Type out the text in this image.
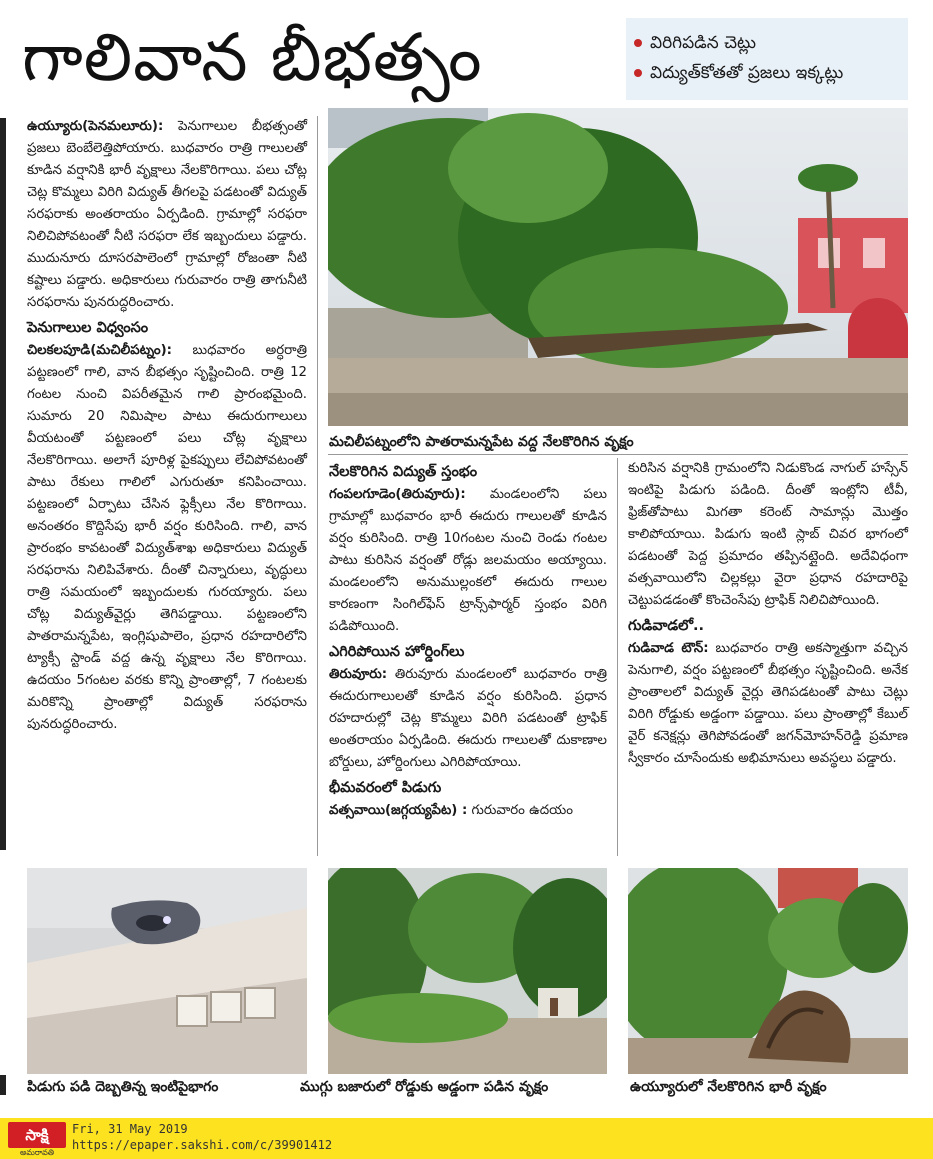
గాలివాన బీభత్సం	విరిగిపడిన చెట్లు
విద్యుత్‌కోతతో ప్రజలు ఇక్కట్లు

ఉయ్యూరు(పెనమలూరు): పెనుగాలుల బీభత్సంతో ప్రజలు బెంబేలెత్తిపోయారు. బుధవారం రాత్రి గాలులతో కూడిన వర్షానికి భారీ వృక్షాలు నేలకొరిగాయి. పలు చోట్ల చెట్ల కొమ్మలు విరిగి విద్యుత్ తీగలపై పడటంతో విద్యుత్ సరఫరాకు అంతరాయం ఏర్పడింది. గ్రామాల్లో సరఫరా నిలిచిపోవటంతో నీటి సరఫరా లేక ఇబ్బందులు పడ్డారు. ముదునూరు దూసరపాలెంలో గ్రామాల్లో రోజంతా నీటి కష్టాలు పడ్డారు. అధికారులు గురువారం రాత్రి తాగునీటి సరఫరాను పునరుద్ధరించారు.

పెనుగాలుల విధ్వంసం

చిలకలపూడి(మచిలీపట్నం): బుధవారం అర్ధరాత్రి పట్టణంలో గాలి, వాన బీభత్సం సృష్టించింది. రాత్రి 12 గంటల నుంచి విపరీతమైన గాలి ప్రారంభమైంది. సుమారు 20 నిమిషాల పాటు ఈదురుగాలులు వీయటంతో పట్టణంలో పలు చోట్ల వృక్షాలు నేలకొరిగాయి. అలాగే పూరిళ్ల పైకప్పులు లేచిపోవటంతో పాటు రేకులు గాలిలో ఎగురుతూ కనిపించాయి. పట్టణంలో ఏర్పాటు చేసిన ఫ్లెక్సీలు నేల కొరిగాయి. అనంతరం కొద్దిసేపు భారీ వర్షం కురిసింది. గాలి, వాన ప్రారంభం కావటంతో విద్యుత్‌శాఖ అధికారులు విద్యుత్ సరఫరాను నిలిపివేశారు. దీంతో చిన్నారులు, వృద్ధులు రాత్రి సమయంలో ఇబ్బందులకు గురయ్యారు. పలు చోట్ల విద్యుత్‌వైర్లు తెగిపడ్డాయి. పట్టణంలోని పాతరామన్నపేట, ఇంగ్లిషుపాలెం, ప్రధాన రహదారిలోని ట్యాక్సీ స్టాండ్ వద్ద ఉన్న వృక్షాలు నేల కొరిగాయి. ఉదయం 5గంటల వరకు కొన్ని ప్రాంతాల్లో, 7 గంటలకు మరికొన్ని ప్రాంతాల్లో విద్యుత్ సరఫరాను పునరుద్ధరించారు.

మచిలీపట్నంలోని పాతరామన్నపేట వద్ద నేలకొరిగిన వృక్షం

నేలకొరిగిన విద్యుత్ స్తంభం

గంపలగూడెం(తిరువూరు): మండలంలోని పలు గ్రామాల్లో బుధవారం భారీ ఈదురు గాలులతో కూడిన వర్షం కురిసింది. రాత్రి 10గంటల నుంచి రెండు గంటల పాటు కురిసిన వర్షంతో రోడ్లు జలమయం అయ్యాయి. మండలంలోని అనుముల్లంకలో ఈదురు గాలుల కారణంగా సింగిల్‌ఫేస్ ట్రాన్స్‌ఫార్మర్ స్తంభం విరిగి పడిపోయింది.

ఎగిరిపోయిన హోర్డింగ్‌లు

తిరువూరు: తిరువూరు మండలంలో బుధవారం రాత్రి ఈదురుగాలులతో కూడిన వర్షం కురిసింది. ప్రధాన రహదారుల్లో చెట్ల కొమ్మలు విరిగి పడటంతో ట్రాఫిక్ అంతరాయం ఏర్పడింది. ఈదురు గాలులతో దుకాణాల బోర్డులు, హోర్డింగులు ఎగిరిపోయాయి.

భీమవరంలో పిడుగు

వత్సవాయి(జగ్గయ్యపేట) : గురువారం ఉదయం

కురిసిన వర్షానికి గ్రామంలోని నిడుకొండ నాగుల్ హస్సేన్ ఇంటిపై పిడుగు పడింది. దీంతో ఇంట్లోని టీవీ, ఫ్రిజ్‌తోపాటు మిగతా కరెంట్ సామాన్లు మొత్తం కాలిపోయాయి. పిడుగు ఇంటి స్లాబ్ చివర భాగంలో పడటంతో పెద్ద ప్రమాదం తప్పినట్లైంది. అదేవిధంగా వత్సవాయిలోని చిల్లకల్లు వైరా ప్రధాన రహదారిపై చెట్టుపడడంతో కొంచెంసేపు ట్రాఫిక్ నిలిచిపోయింది.

గుడివాడలో..

గుడివాడ టౌన్: బుధవారం రాత్రి అకస్మాత్తుగా వచ్చిన పెనుగాలి, వర్షం పట్టణంలో బీభత్సం సృష్టించింది. అనేక ప్రాంతాలలో విద్యుత్ వైర్లు తెగిపడటంతో పాటు చెట్లు విరిగి రోడ్డుకు అడ్డంగా పడ్డాయి. పలు ప్రాంతాల్లో కేబుల్ వైర్ కనెక్షన్లు తెగిపోవడంతో జగన్‌మోహన్‌రెడ్డి ప్రమాణ స్వీకారం చూసేందుకు అభిమానులు అవస్థలు పడ్డారు.

పిడుగు పడి దెబ్బతిన్న ఇంటిపైభాగం	ముగ్గు బజారులో రోడ్డుకు అడ్డంగా పడిన వృక్షం	ఉయ్యూరులో నేలకొరిగిన భారీ వృక్షం
సాక్షి
అమరావతి
Fri, 31 May 2019
https://epaper.sakshi.com/c/39901412
